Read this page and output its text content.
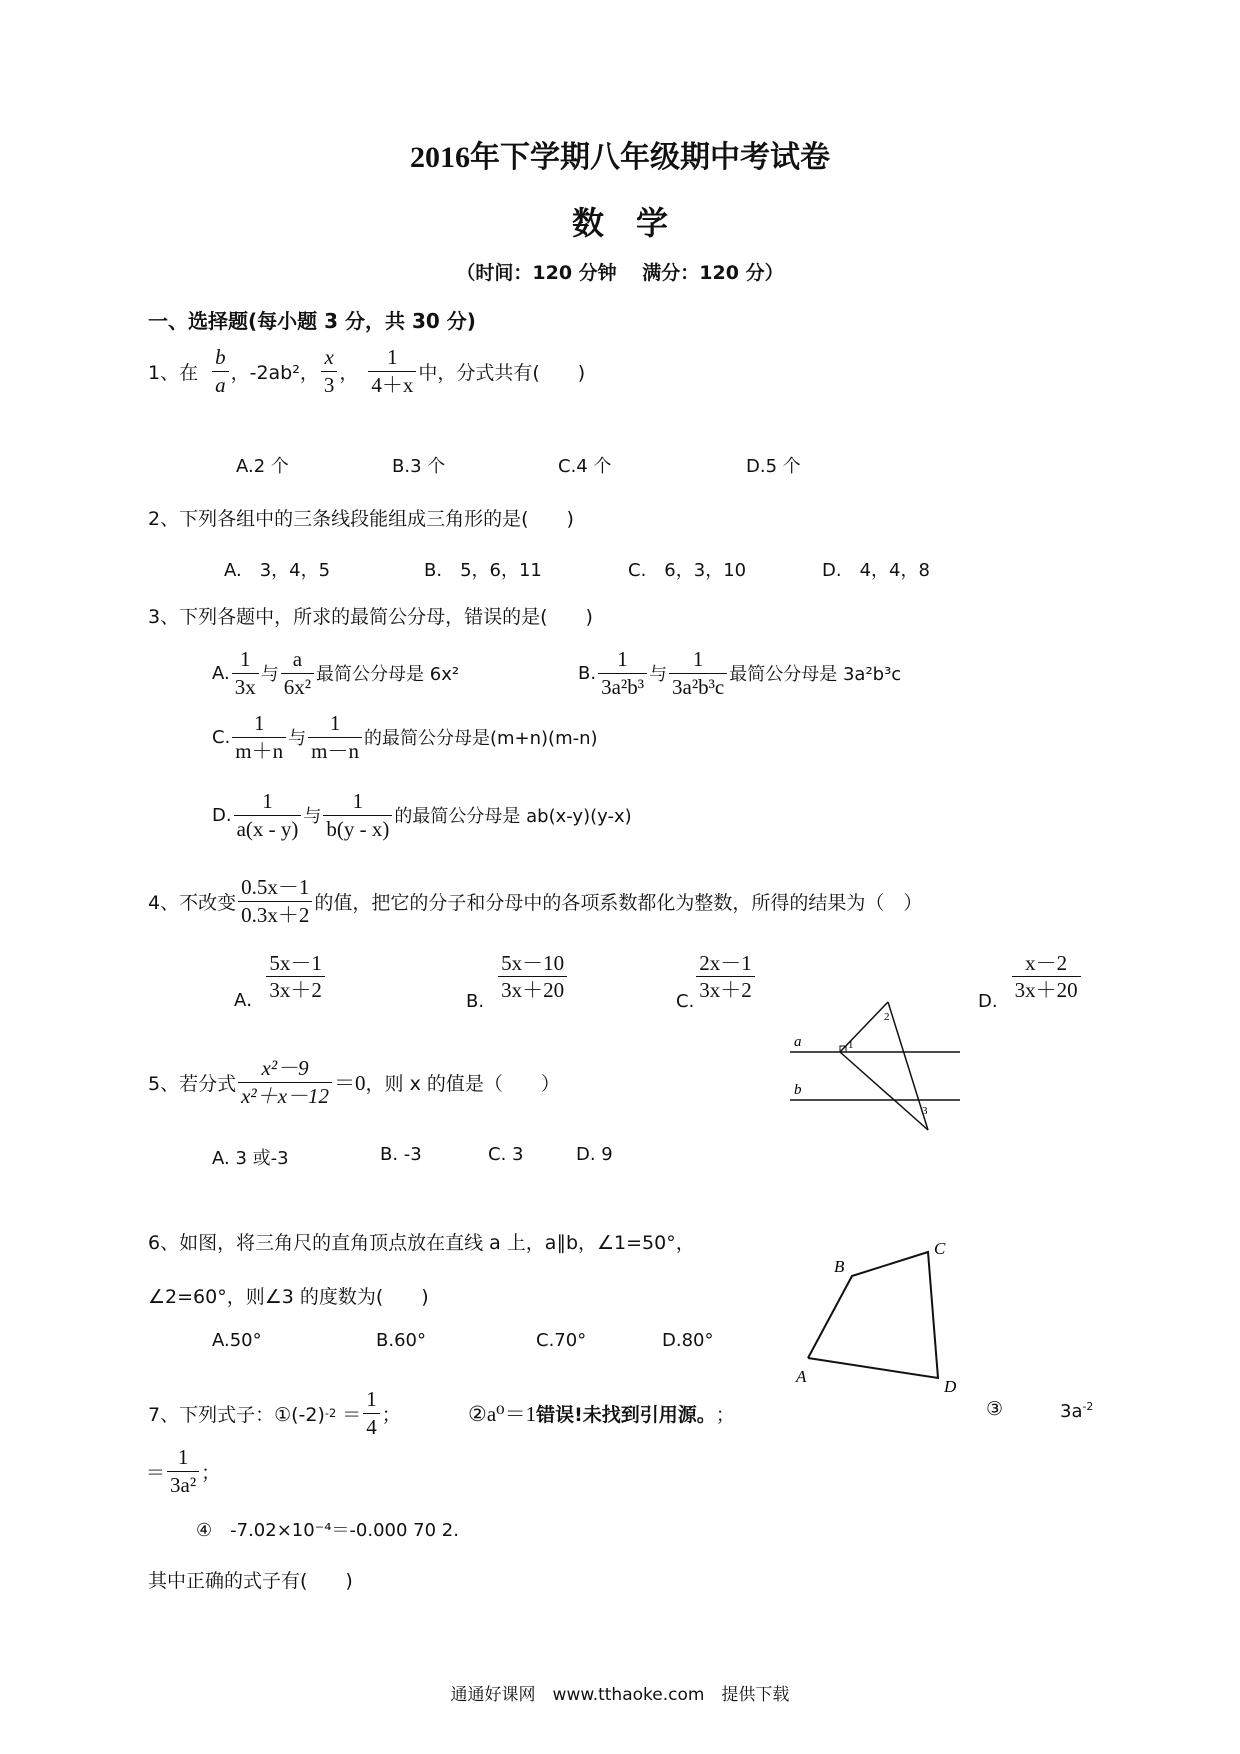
2016年下学期八年级期中考试卷
数　学
（时间：120 分钟　 满分：120 分）
一、选择题(每小题 3 分，共 30 分)
1、在 $\frac{b}{a}$ ，-2ab²， $\frac{x}{3}$ ， $\frac{1}{4+x}$ 中，分式共有(　　)
A.2 个	B.3 个	C.4 个	D.5 个
2、下列各组中的三条线段能组成三角形的是(　　)
A.　3，4，5	B.　5，6，11	C.　6，3，10	D.　4，4，8
3、下列各题中，所求的最简公分母，错误的是(　　)
A. $\frac{1}{3x}$ 与 $\frac{a}{\text{6x²}}$ 最简公分母是 6x²	B. $\frac{1}{\text{3a²b³}}$ 与 $\frac{1}{\text{3a²b³c}}$ 最简公分母是 3a²b³c
C. $\frac{1}{m+n}$ 与 $\frac{1}{m-n}$ 的最简公分母是(m+n)(m-n)
D. $\frac{1}{a(x - y)}$ 与 $\frac{1}{b(y - x)}$ 的最简公分母是 ab(x-y)(y-x)
4、不改变 $\frac{0.5x-1}{0.3x+2}$ 的值，把它的分子和分母中的各项系数都化为整数，所得的结果为（　）
A． $\frac{5x-1}{3x+2}$	B. $\frac{5x-10}{3x+20}$	C. $\frac{2x-1}{3x+2}$	D. $\frac{x-2}{3x+20}$
5、若分式 $\frac{\text{x²－9}}{\text{x²＋x－12}} =0$ ，则 x 的值是（　　）
A. 3 或-3	B. -3	C. 3	D. 9
a
b
1
2
3
6、如图，将三角尺的直角顶点放在直线 a 上，a∥b，∠1=50°，
∠2=60°，则∠3 的度数为(　　)
A.50°	B.60°	C.70°	D.80°
A
B
C
D
7、下列式子：①(-2) $-2 = \frac{1}{4}$ ；	②a⁰＝1 错误!未找到引用源。 ；	③	$3a^{-2}$
＝ $\frac{1}{\text{3a²}}$ ；
④　-7.02×10⁻⁴＝-0.000 70 2.
其中正确的式子有(　　)
通通好课网　www.tthaoke.com　提供下载
